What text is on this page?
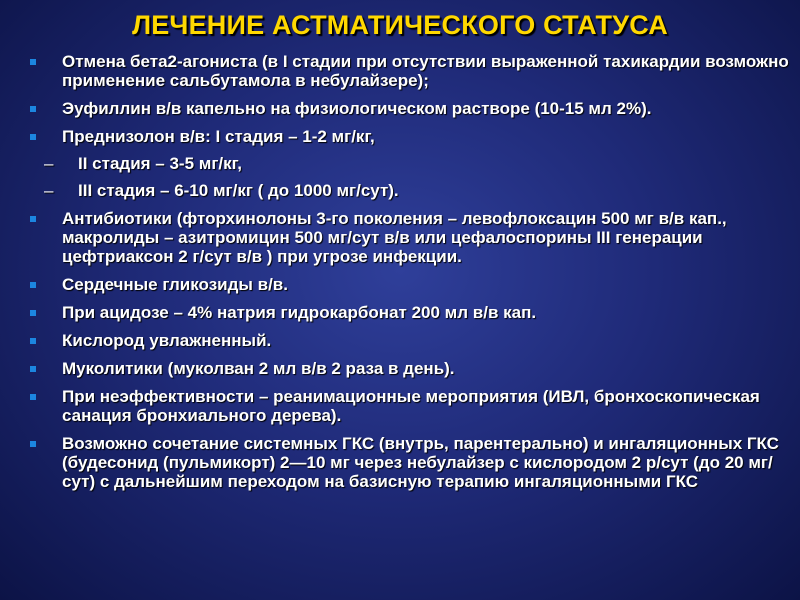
ЛЕЧЕНИЕ АСТМАТИЧЕСКОГО СТАТУСА
Отмена бета2-агониста (в I стадии при отсутствии выраженной тахикардии возможно применение сальбутамола в небулайзере);
Эуфиллин в/в капельно на физиологическом растворе (10-15 мл 2%).
Преднизолон в/в: I стадия – 1-2 мг/кг,
– II стадия – 3-5 мг/кг,
– III стадия – 6-10 мг/кг ( до 1000 мг/сут).
Антибиотики (фторхинолоны 3-го поколения – левофлоксацин 500 мг в/в кап., макролиды – азитромицин 500 мг/сут в/в или цефалоспорины III генерации цефтриаксон 2 г/сут в/в ) при угрозе инфекции.
Сердечные гликозиды в/в.
При ацидозе – 4% натрия гидрокарбонат 200 мл в/в кап.
Кислород увлажненный.
Муколитики (муколван 2 мл в/в 2 раза в день).
При неэффективности – реанимационные мероприятия (ИВЛ, бронхоскопическая санация бронхиального дерева).
Возможно сочетание системных ГКС (внутрь, парентерально) и ингаляционных ГКС (будесонид (пульмикорт) 2—10 мг через небулайзер с кислородом 2 р/сут (до 20 мг/сут) с дальнейшим переходом на базисную терапию ингаляционными ГКС
